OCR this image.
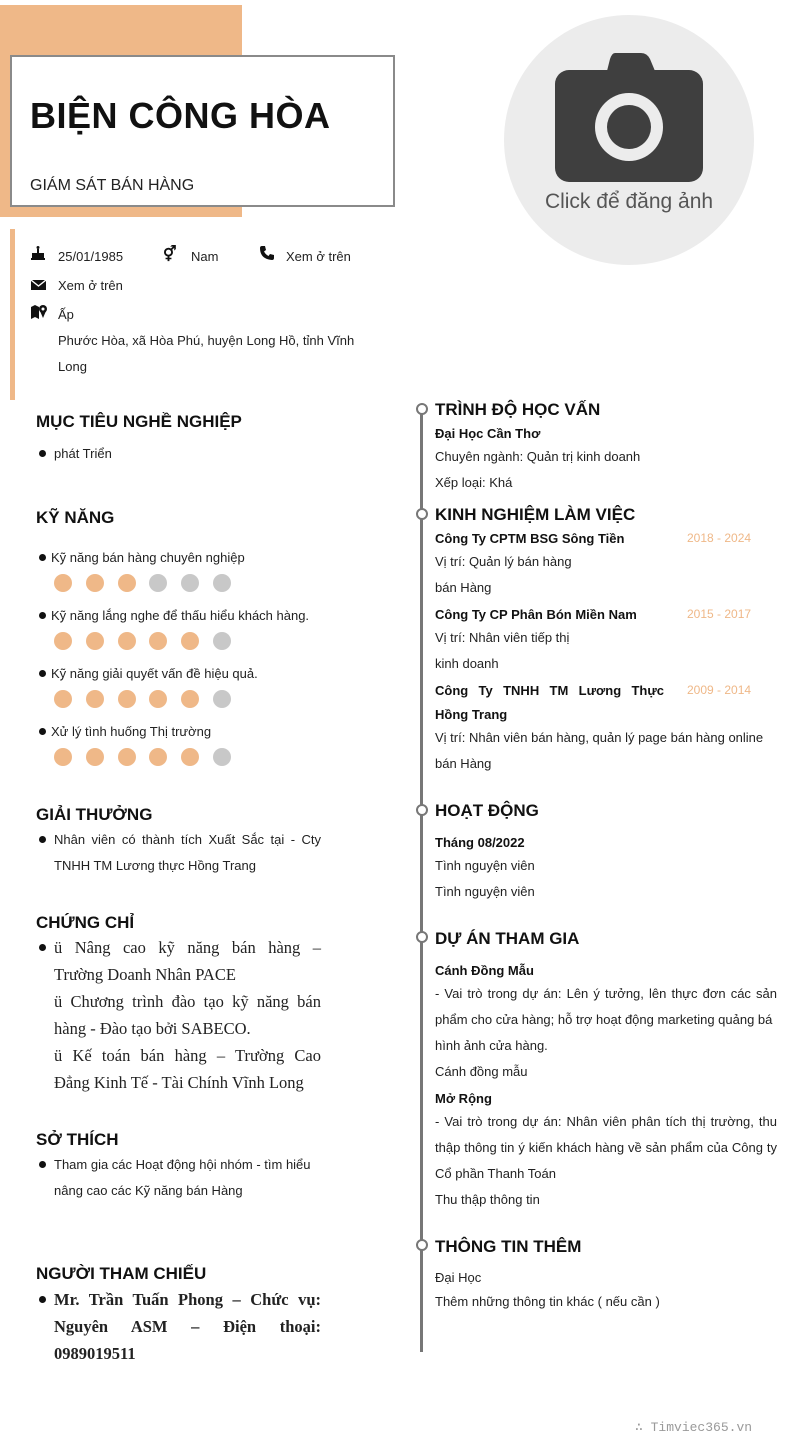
BIỆN CÔNG HÒA
GIÁM SÁT BÁN HÀNG
Click để đăng ảnh
25/01/1985	⚥ Nam	Xem ở trên
Xem ở trên
Ấp
Phước Hòa, xã Hòa Phú, huyện Long Hồ, tỉnh Vĩnh
Long
MỤC TIÊU NGHỀ NGHIỆP
phát Triển
KỸ NĂNG
Kỹ năng bán hàng chuyên nghiệp
Kỹ năng lắng nghe để thấu hiểu khách hàng.
Kỹ năng giải quyết vấn đề hiệu quả.
Xử lý tình huống Thị trường
GIẢI THƯỞNG
Nhân viên có thành tích Xuất Sắc tại - Cty
TNHH TM Lương thực Hồng Trang
CHỨNG CHỈ
ü Nâng cao kỹ năng bán hàng –
Trường Doanh Nhân PACE
ü Chương trình đào tạo kỹ năng bán
hàng - Đào tạo bởi SABECO.
ü Kế toán bán hàng – Trường Cao
Đẳng Kinh Tế - Tài Chính Vĩnh Long
SỞ THÍCH
Tham gia các Hoạt động hội nhóm - tìm hiểu
nâng cao các Kỹ năng bán Hàng
NGƯỜI THAM CHIẾU
Mr. Trần Tuấn Phong – Chức vụ:
Nguyên ASM – Điện thoại:
0989019511
TRÌNH ĐỘ HỌC VẤN
Đại Học Cần Thơ
Chuyên ngành: Quản trị kinh doanh
Xếp loại: Khá
KINH NGHIỆM LÀM VIỆC
Công Ty CPTM BSG Sông Tiền	2018 - 2024
Vị trí: Quản lý bán hàng
bán Hàng
Công Ty CP Phân Bón Miền Nam	2015 - 2017
Vị trí: Nhân viên tiếp thị
kinh doanh
Công Ty TNHH TM Lương Thực 2009 - 2014
Hồng Trang
Vị trí: Nhân viên bán hàng, quản lý page bán hàng online
bán Hàng
HOẠT ĐỘNG
Tháng 08/2022
Tình nguyện viên
Tình nguyện viên
DỰ ÁN THAM GIA
Cánh Đồng Mẫu
- Vai trò trong dự án: Lên ý tưởng, lên thực đơn các sản
phẩm cho cửa hàng; hỗ trợ hoạt động marketing quảng bá
hình ảnh cửa hàng.
Cánh đồng mẫu
Mở Rộng
- Vai trò trong dự án: Nhân viên phân tích thị trường, thu
thập thông tin ý kiến khách hàng về sản phẩm của Công ty
Cổ phần Thanh Toán
Thu thập thông tin
THÔNG TIN THÊM
Đại Học
Thêm những thông tin khác ( nếu cần )
∴ Timviec365.vn
